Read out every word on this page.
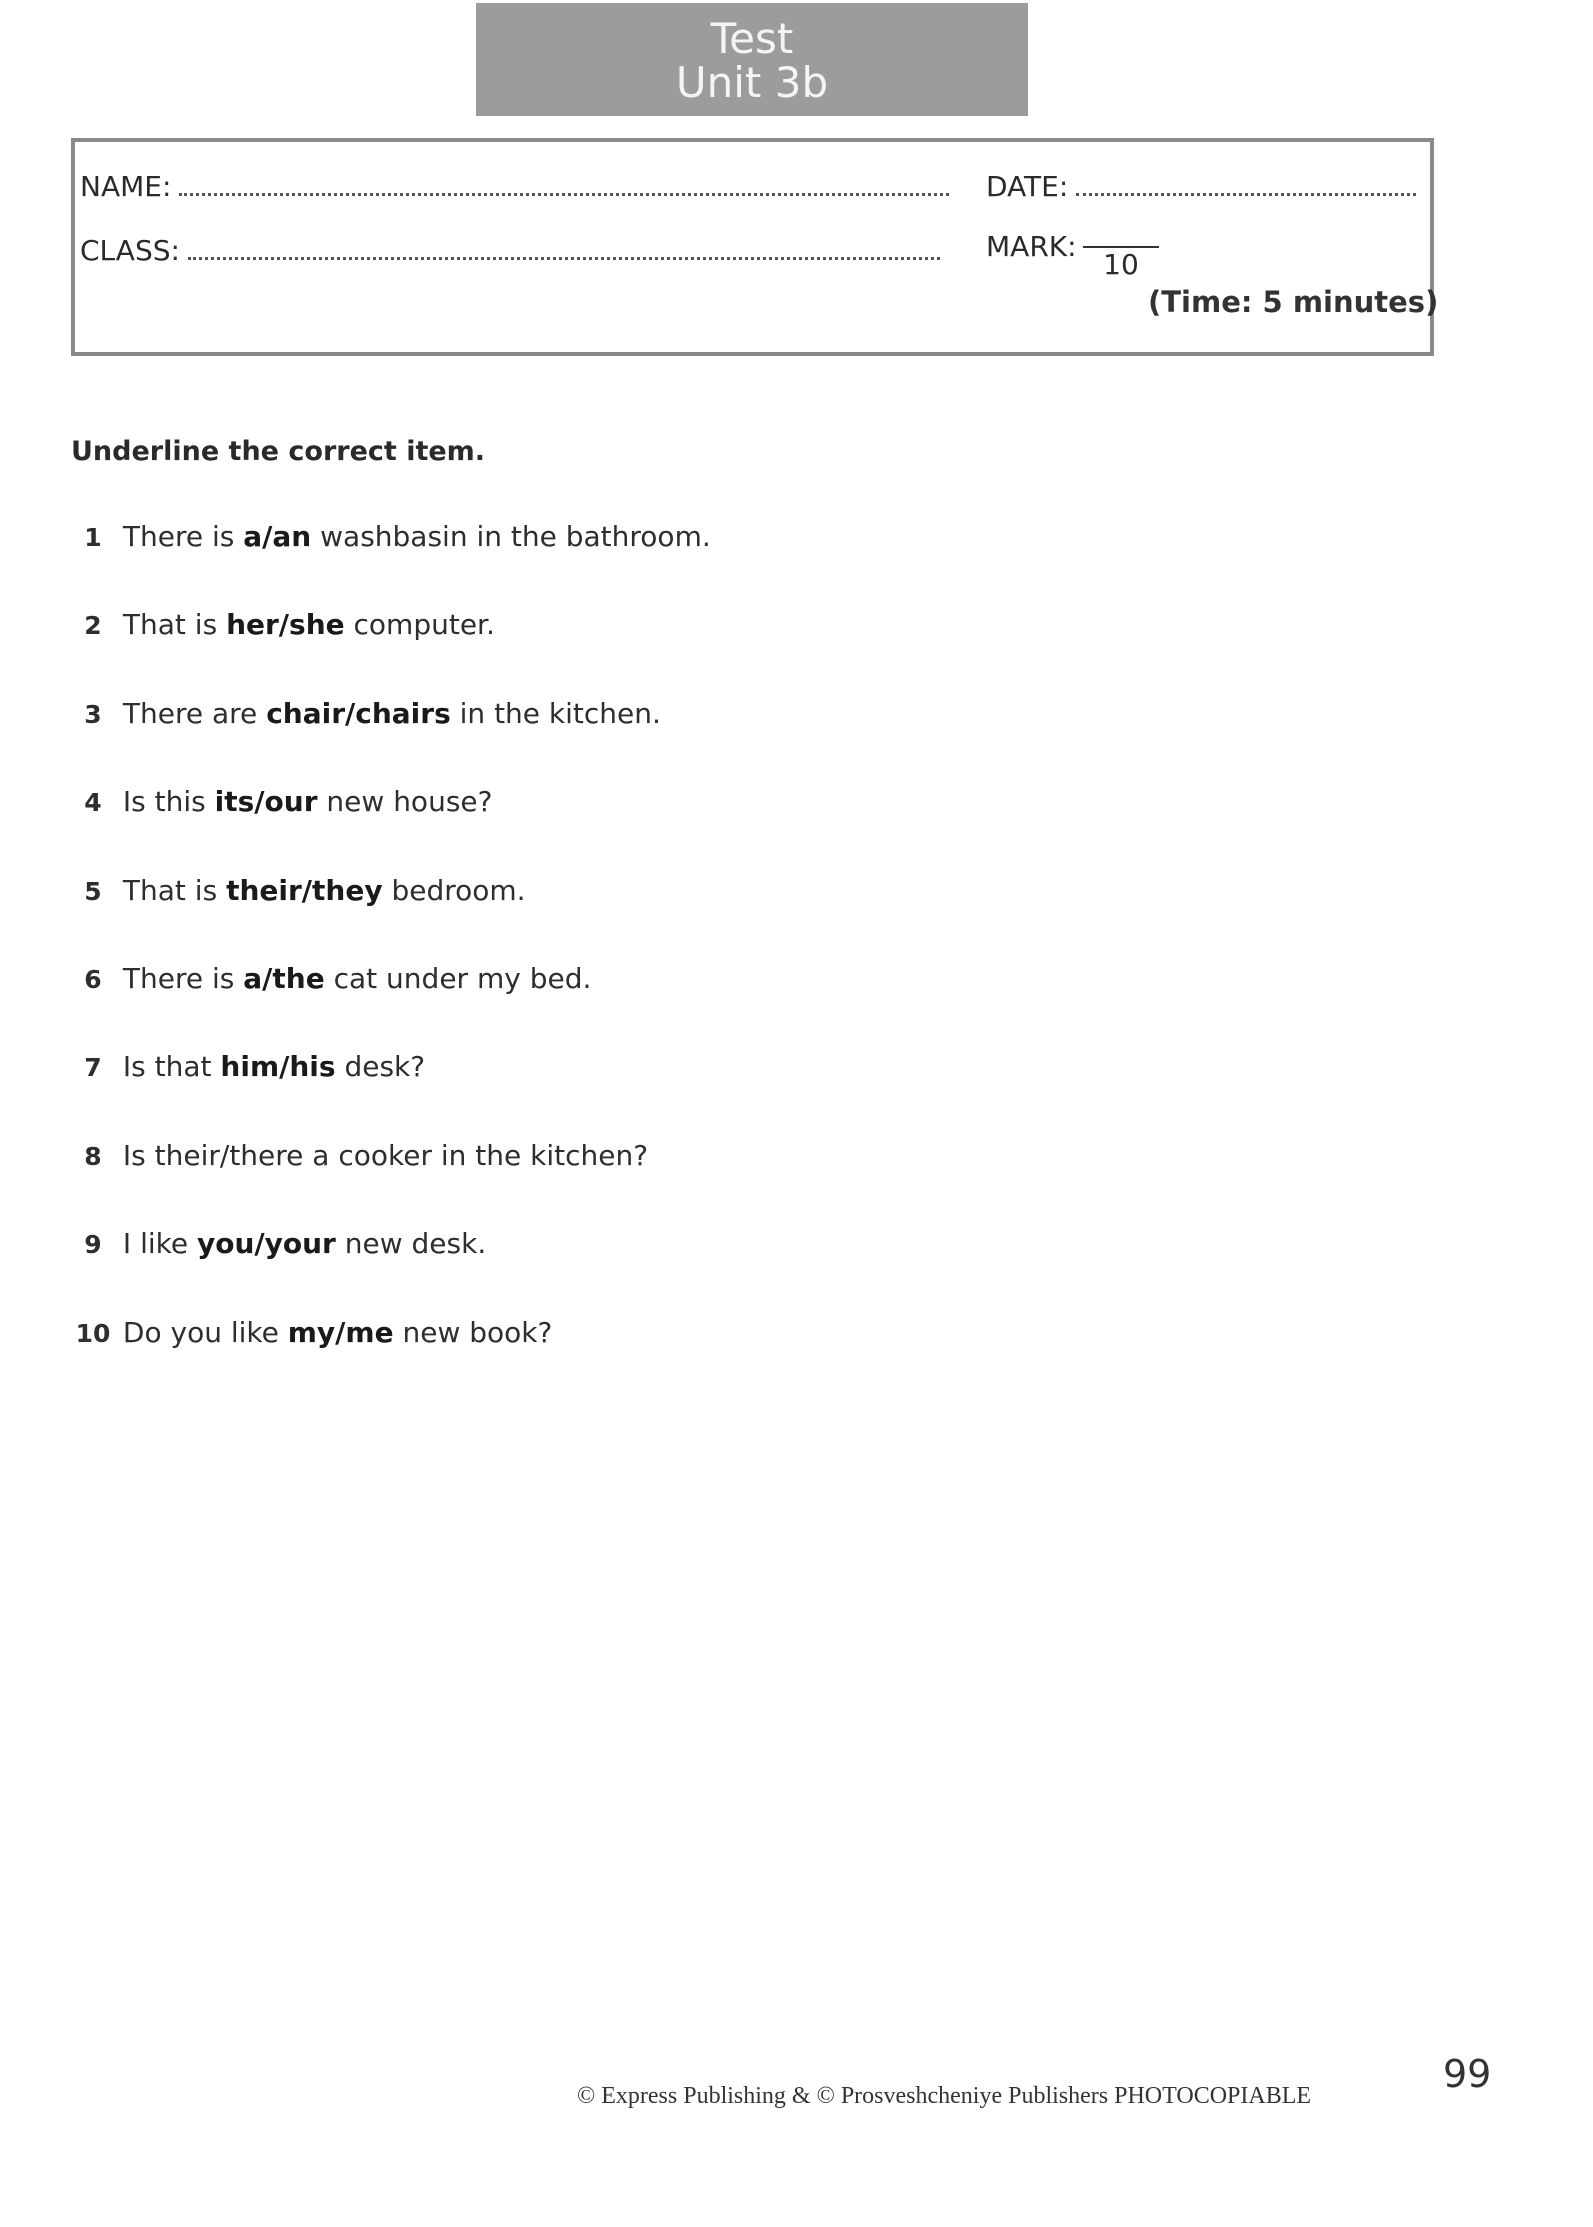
Test
Unit 3b
NAME:	DATE:
CLASS:	MARK:
10
(Time: 5 minutes)
Underline the correct item.
1 There is a/an washbasin in the bathroom.
2 That is her/she computer.
3 There are chair/chairs in the kitchen.
4 Is this its/our new house?
5 That is their/they bedroom.
6 There is a/the cat under my bed.
7 Is that him/his desk?
8 Is their/there a cooker in the kitchen?
9 I like you/your new desk.
10 Do you like my/me new book?
© Express Publishing & © Prosveshcheniye Publishers PHOTOCOPIABLE	99
